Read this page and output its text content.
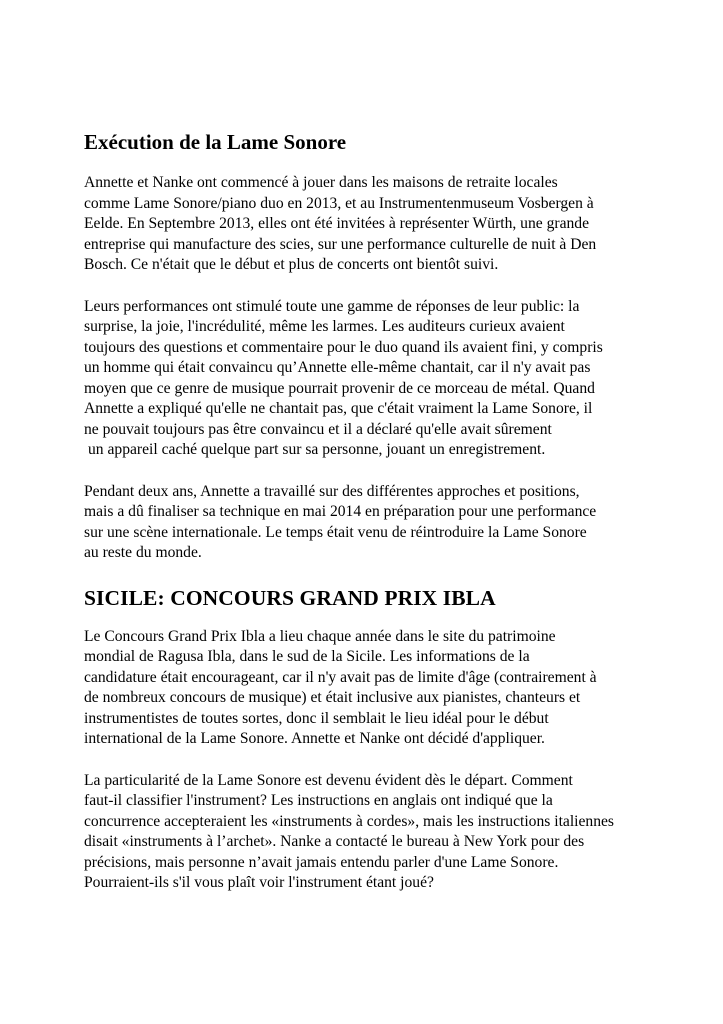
Exécution de la Lame Sonore

Annette et Nanke ont commencé à jouer dans les maisons de retraite locales
comme Lame Sonore/piano duo en 2013, et au Instrumentenmuseum Vosbergen à
Eelde. En Septembre 2013, elles ont été invitées à représenter Würth, une grande
entreprise qui manufacture des scies, sur une performance culturelle de nuit à Den
Bosch. Ce n'était que le début et plus de concerts ont bientôt suivi.

Leurs performances ont stimulé toute une gamme de réponses de leur public: la
surprise, la joie, l'incrédulité, même les larmes. Les auditeurs curieux avaient
toujours des questions et commentaire pour le duo quand ils avaient fini, y compris
un homme qui était convaincu qu’Annette elle-même chantait, car il n'y avait pas
moyen que ce genre de musique pourrait provenir de ce morceau de métal. Quand
Annette a expliqué qu'elle ne chantait pas, que c'était vraiment la Lame Sonore, il
ne pouvait toujours pas être convaincu et il a déclaré qu'elle avait sûrement
un appareil caché quelque part sur sa personne, jouant un enregistrement.

Pendant deux ans, Annette a travaillé sur des différentes approches et positions,
mais a dû finaliser sa technique en mai 2014 en préparation pour une performance
sur une scène internationale. Le temps était venu de réintroduire la Lame Sonore
au reste du monde.

SICILE: CONCOURS GRAND PRIX IBLA

Le Concours Grand Prix Ibla a lieu chaque année dans le site du patrimoine
mondial de Ragusa Ibla, dans le sud de la Sicile. Les informations de la
candidature était encourageant, car il n'y avait pas de limite d'âge (contrairement à
de nombreux concours de musique) et était inclusive aux pianistes, chanteurs et
instrumentistes de toutes sortes, donc il semblait le lieu idéal pour le début
international de la Lame Sonore. Annette et Nanke ont décidé d'appliquer.

La particularité de la Lame Sonore est devenu évident dès le départ. Comment
faut-il classifier l'instrument? Les instructions en anglais ont indiqué que la
concurrence accepteraient les «instruments à cordes», mais les instructions italiennes
disait «instruments à l’archet». Nanke a contacté le bureau à New York pour des
précisions, mais personne n’avait jamais entendu parler d'une Lame Sonore.
Pourraient-ils s'il vous plaît voir l'instrument étant joué?
